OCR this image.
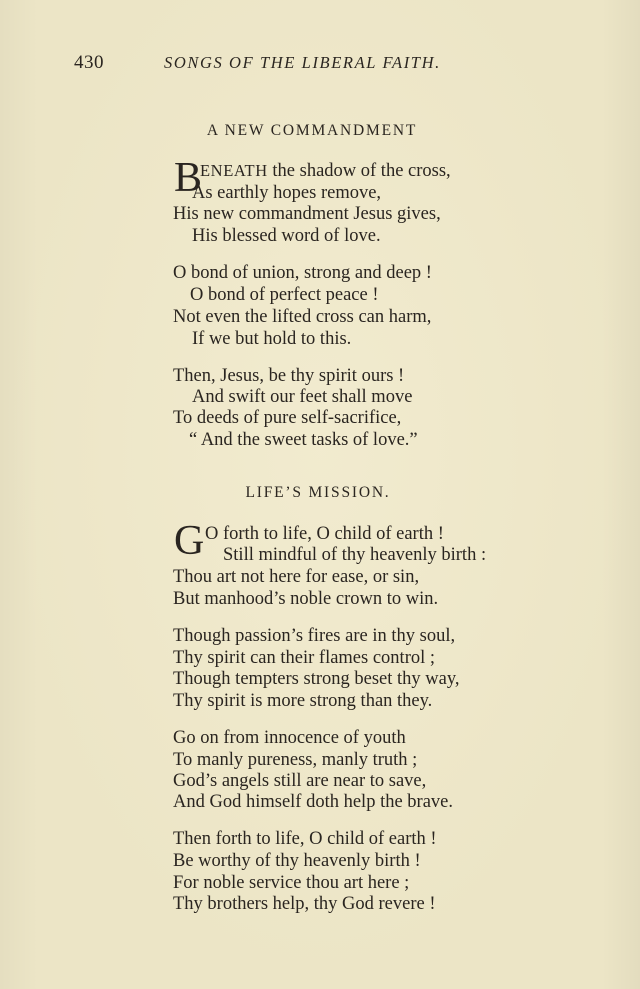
430	SONGS OF THE LIBERAL FAITH.
A NEW COMMANDMENT
B
ENEATH the shadow of the cross,
As earthly hopes remove,
His new commandment Jesus gives,
His blessed word of love.
O bond of union, strong and deep !
O bond of perfect peace !
Not even the lifted cross can harm,
If we but hold to this.
Then, Jesus, be thy spirit ours !
And swift our feet shall move
To deeds of pure self-sacrifice,
“ And the sweet tasks of love.”
LIFE’S MISSION.
G O forth to life, O child of earth !
Still mindful of thy heavenly birth :
Thou art not here for ease, or sin,
But manhood’s noble crown to win.
Though passion’s fires are in thy soul,
Thy spirit can their flames control ;
Though tempters strong beset thy way,
Thy spirit is more strong than they.
Go on from innocence of youth
To manly pureness, manly truth ;
God’s angels still are near to save,
And God himself doth help the brave.
Then forth to life, O child of earth !
Be worthy of thy heavenly birth !
For noble service thou art here ;
Thy brothers help, thy God revere !
